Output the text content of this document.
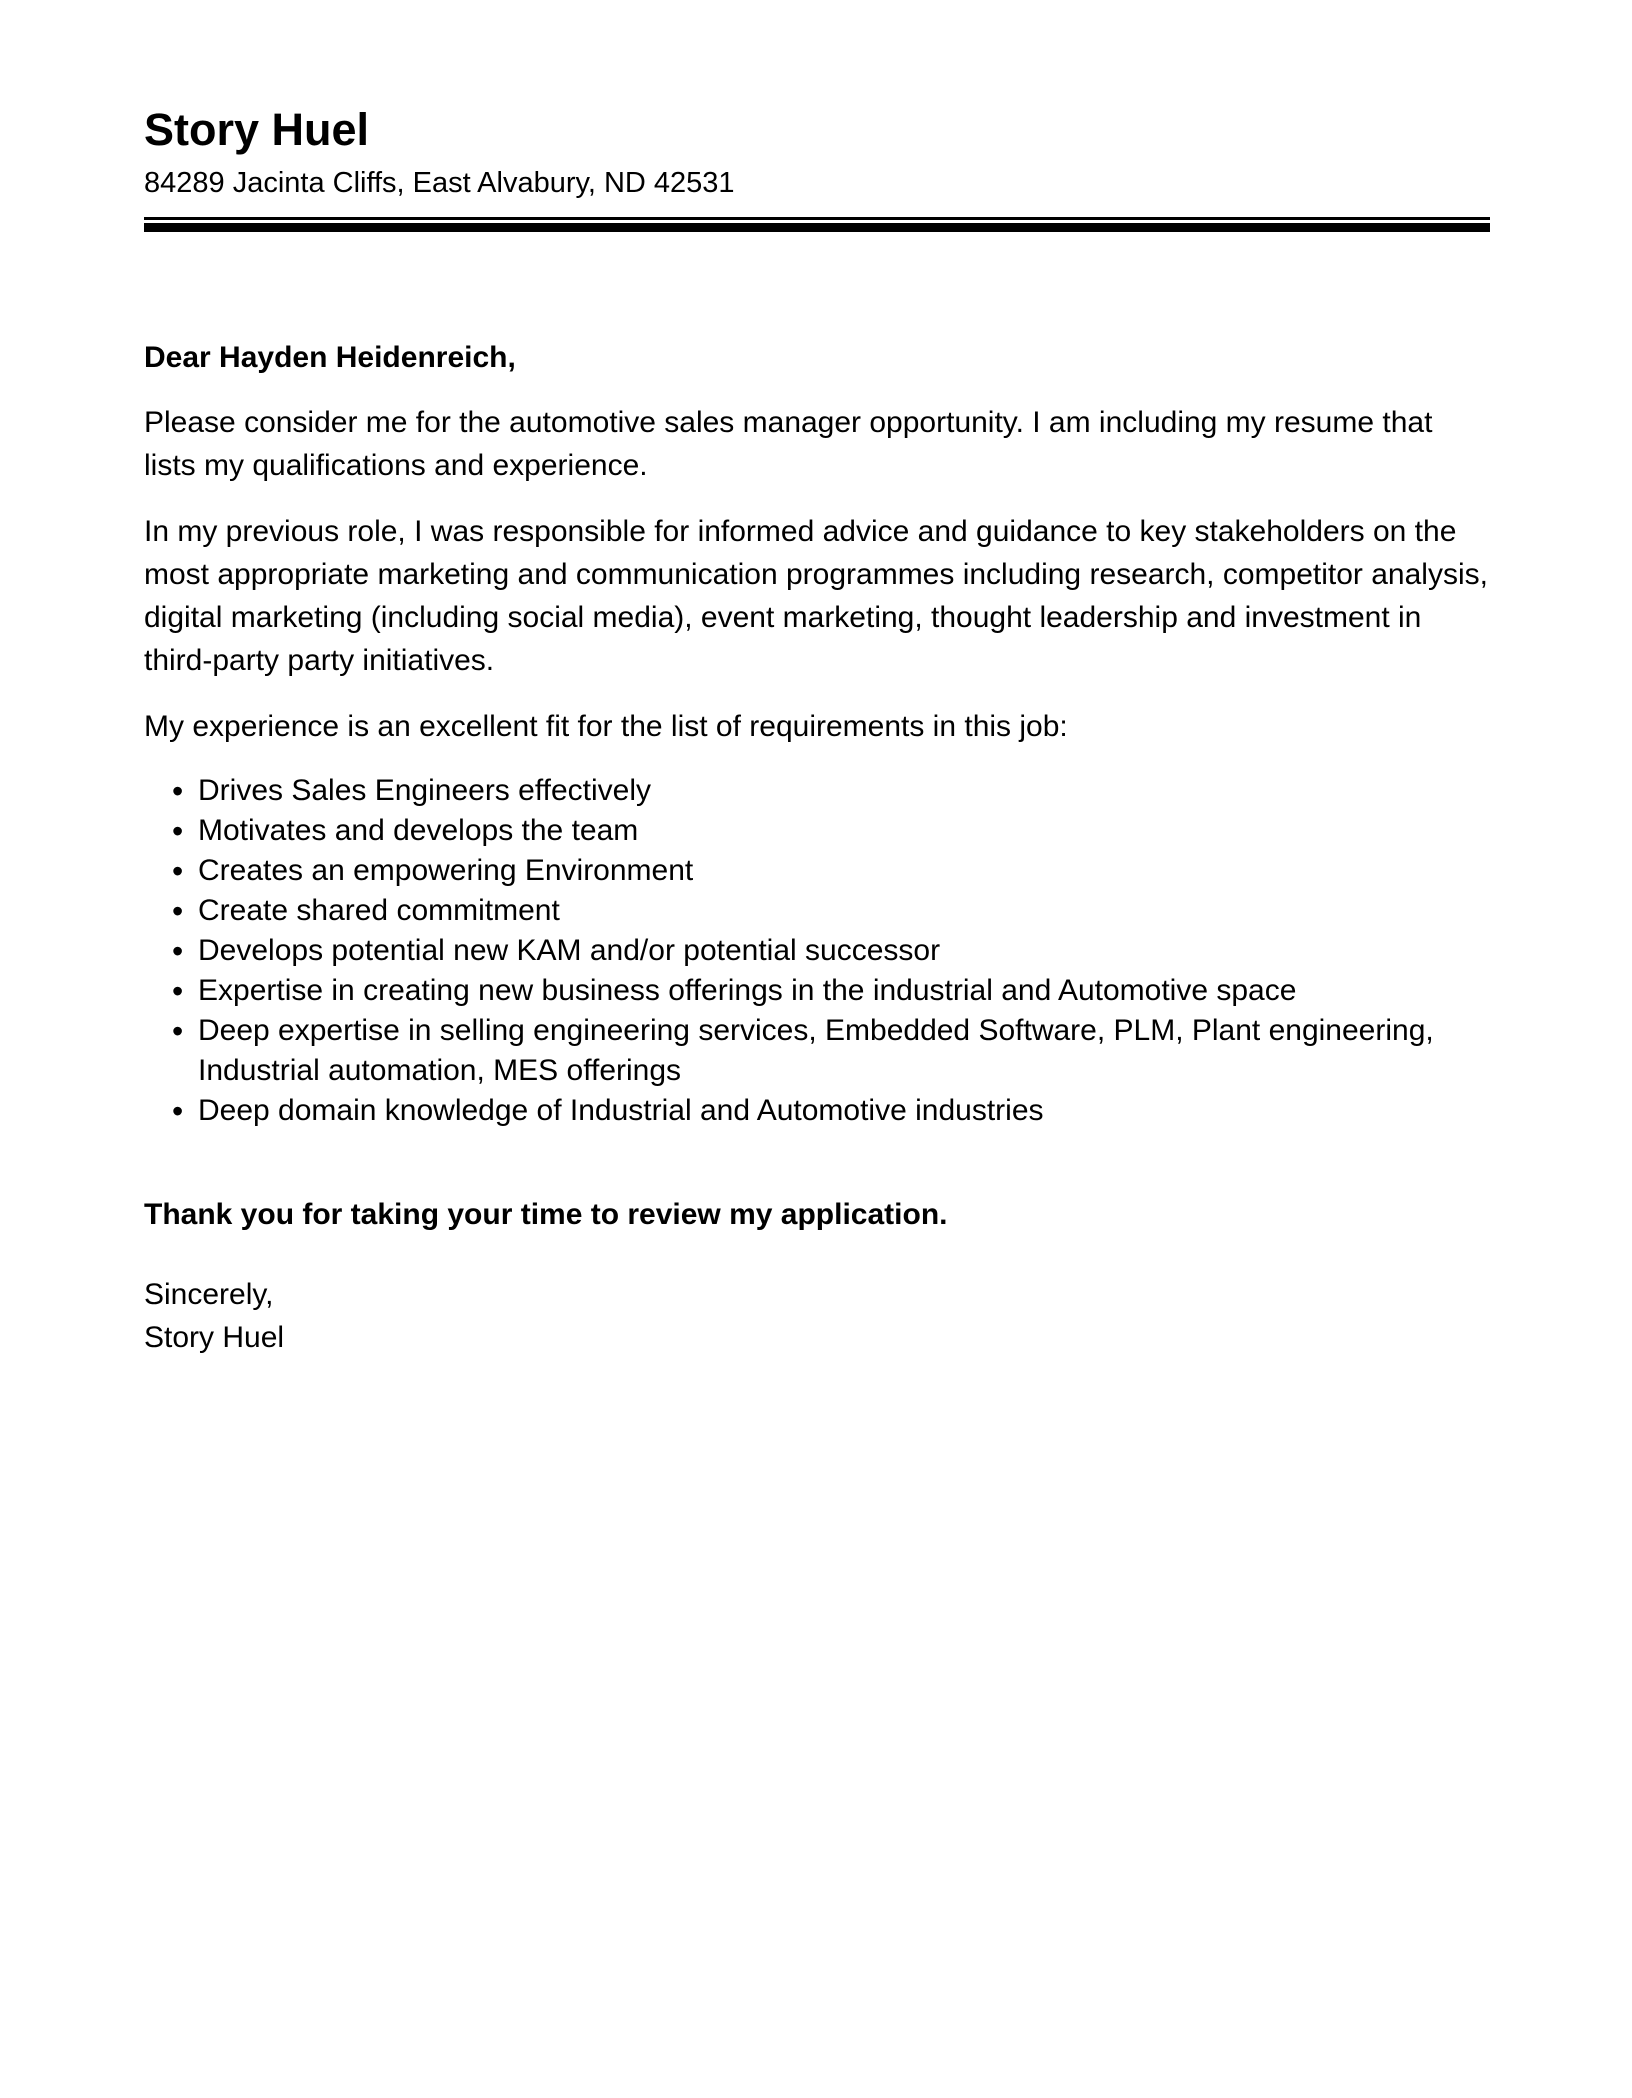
Story Huel
84289 Jacinta Cliffs, East Alvabury, ND 42531

Dear Hayden Heidenreich,

Please consider me for the automotive sales manager opportunity. I am including my resume that lists my qualifications and experience.

In my previous role, I was responsible for informed advice and guidance to key stakeholders on the most appropriate marketing and communication programmes including research, competitor analysis, digital marketing (including social media), event marketing, thought leadership and investment in third-party party initiatives.

My experience is an excellent fit for the list of requirements in this job:

• Drives Sales Engineers effectively
• Motivates and develops the team
• Creates an empowering Environment
• Create shared commitment
• Develops potential new KAM and/or potential successor
• Expertise in creating new business offerings in the industrial and Automotive space
• Deep expertise in selling engineering services, Embedded Software, PLM, Plant engineering, Industrial automation, MES offerings
• Deep domain knowledge of Industrial and Automotive industries

Thank you for taking your time to review my application.

Sincerely,

Story Huel
